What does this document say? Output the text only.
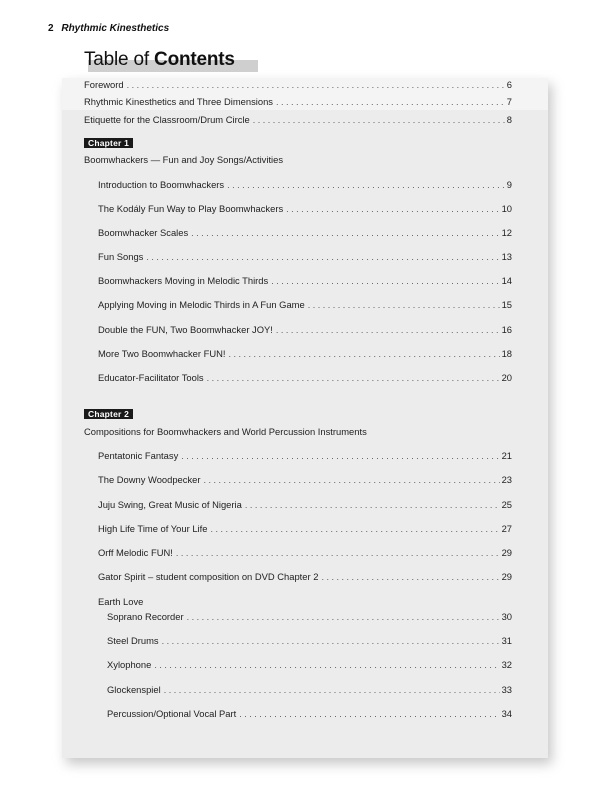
2 Rhythmic Kinesthetics
Table of Contents
Foreword . . .	6
Rhythmic Kinesthetics and Three Dimensions . . .	7
Etiquette for the Classroom/Drum Circle . . .	8
Chapter 1
Boomwhackers — Fun and Joy Songs/Activities
Introduction to Boomwhackers . . .	9
The Kodály Fun Way to Play Boomwhackers . . .	10
Boomwhacker Scales . . .	12
Fun Songs . . .	13
Boomwhackers Moving in Melodic Thirds . . .	14
Applying Moving in Melodic Thirds in A Fun Game . . .	15
Double the FUN, Two Boomwhacker JOY! . . .	16
More Two Boomwhacker FUN! . . .	18
Educator-Facilitator Tools . . .	20
Chapter 2
Compositions for Boomwhackers and World Percussion Instruments
Pentatonic Fantasy . . .	21
The Downy Woodpecker . . .	23
Juju Swing, Great Music of Nigeria . . .	25
High Life Time of Your Life . . .	27
Orff Melodic FUN! . . .	29
Gator Spirit – student composition on DVD Chapter 2 . . .	29
Earth Love
Soprano Recorder . . .	30
Steel Drums . . .	31
Xylophone . . .	32
Glockenspiel . . .	33
Percussion/Optional Vocal Part . . .	34
